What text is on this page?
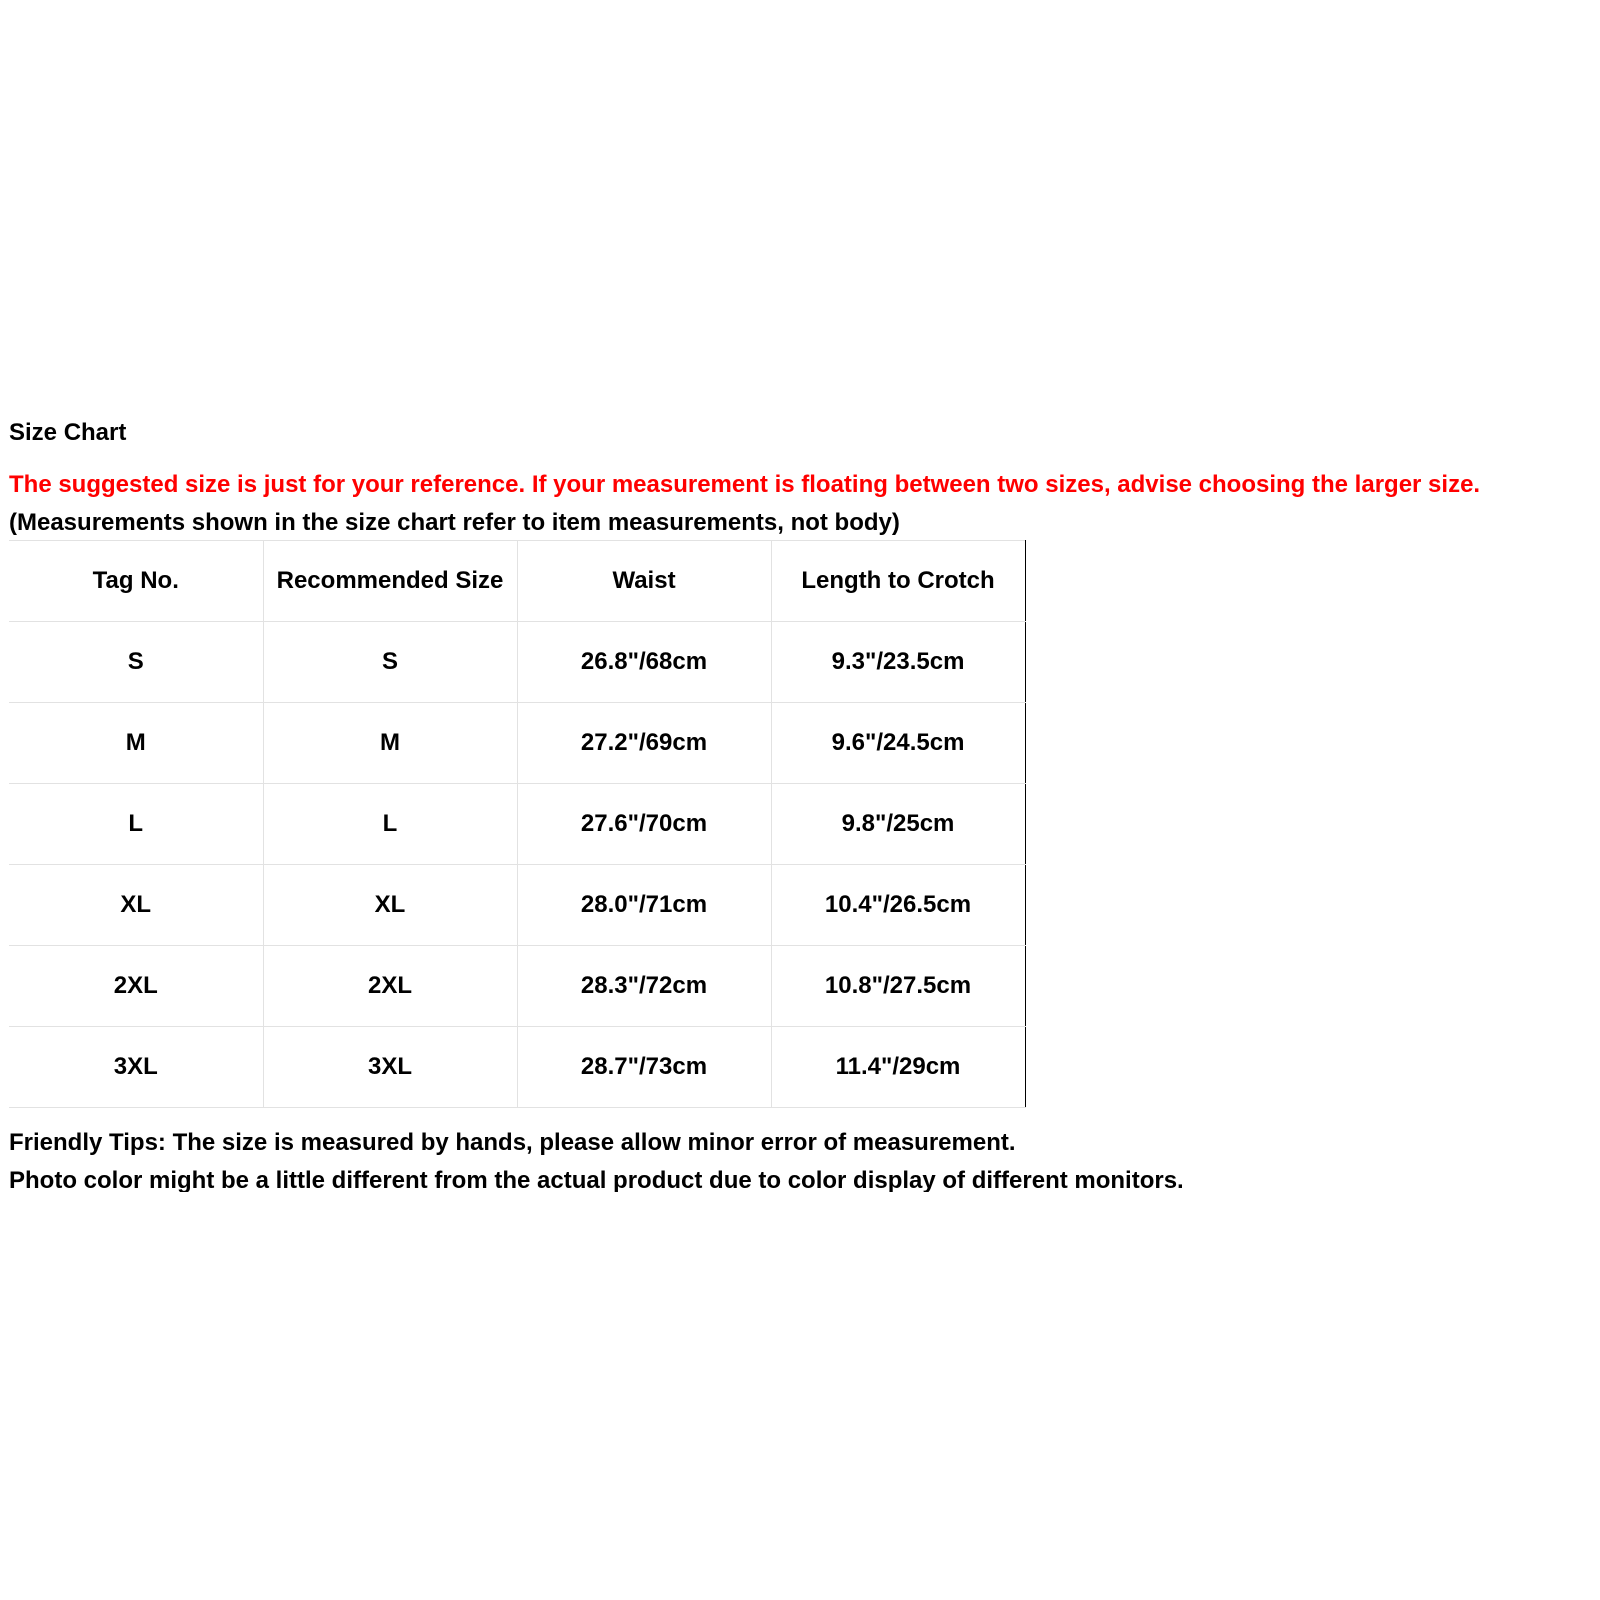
Size Chart
The suggested size is just for your reference. If your measurement is floating between two sizes, advise choosing the larger size.
(Measurements shown in the size chart refer to item measurements, not body)
Tag No.	Recommended Size	Waist	Length to Crotch
S	S	26.8"/68cm	9.3"/23.5cm
M	M	27.2"/69cm	9.6"/24.5cm
L	L	27.6"/70cm	9.8"/25cm
XL	XL	28.0"/71cm	10.4"/26.5cm
2XL	2XL	28.3"/72cm	10.8"/27.5cm
3XL	3XL	28.7"/73cm	11.4"/29cm
Friendly Tips: The size is measured by hands, please allow minor error of measurement.
Photo color might be a little different from the actual product due to color display of different monitors.
